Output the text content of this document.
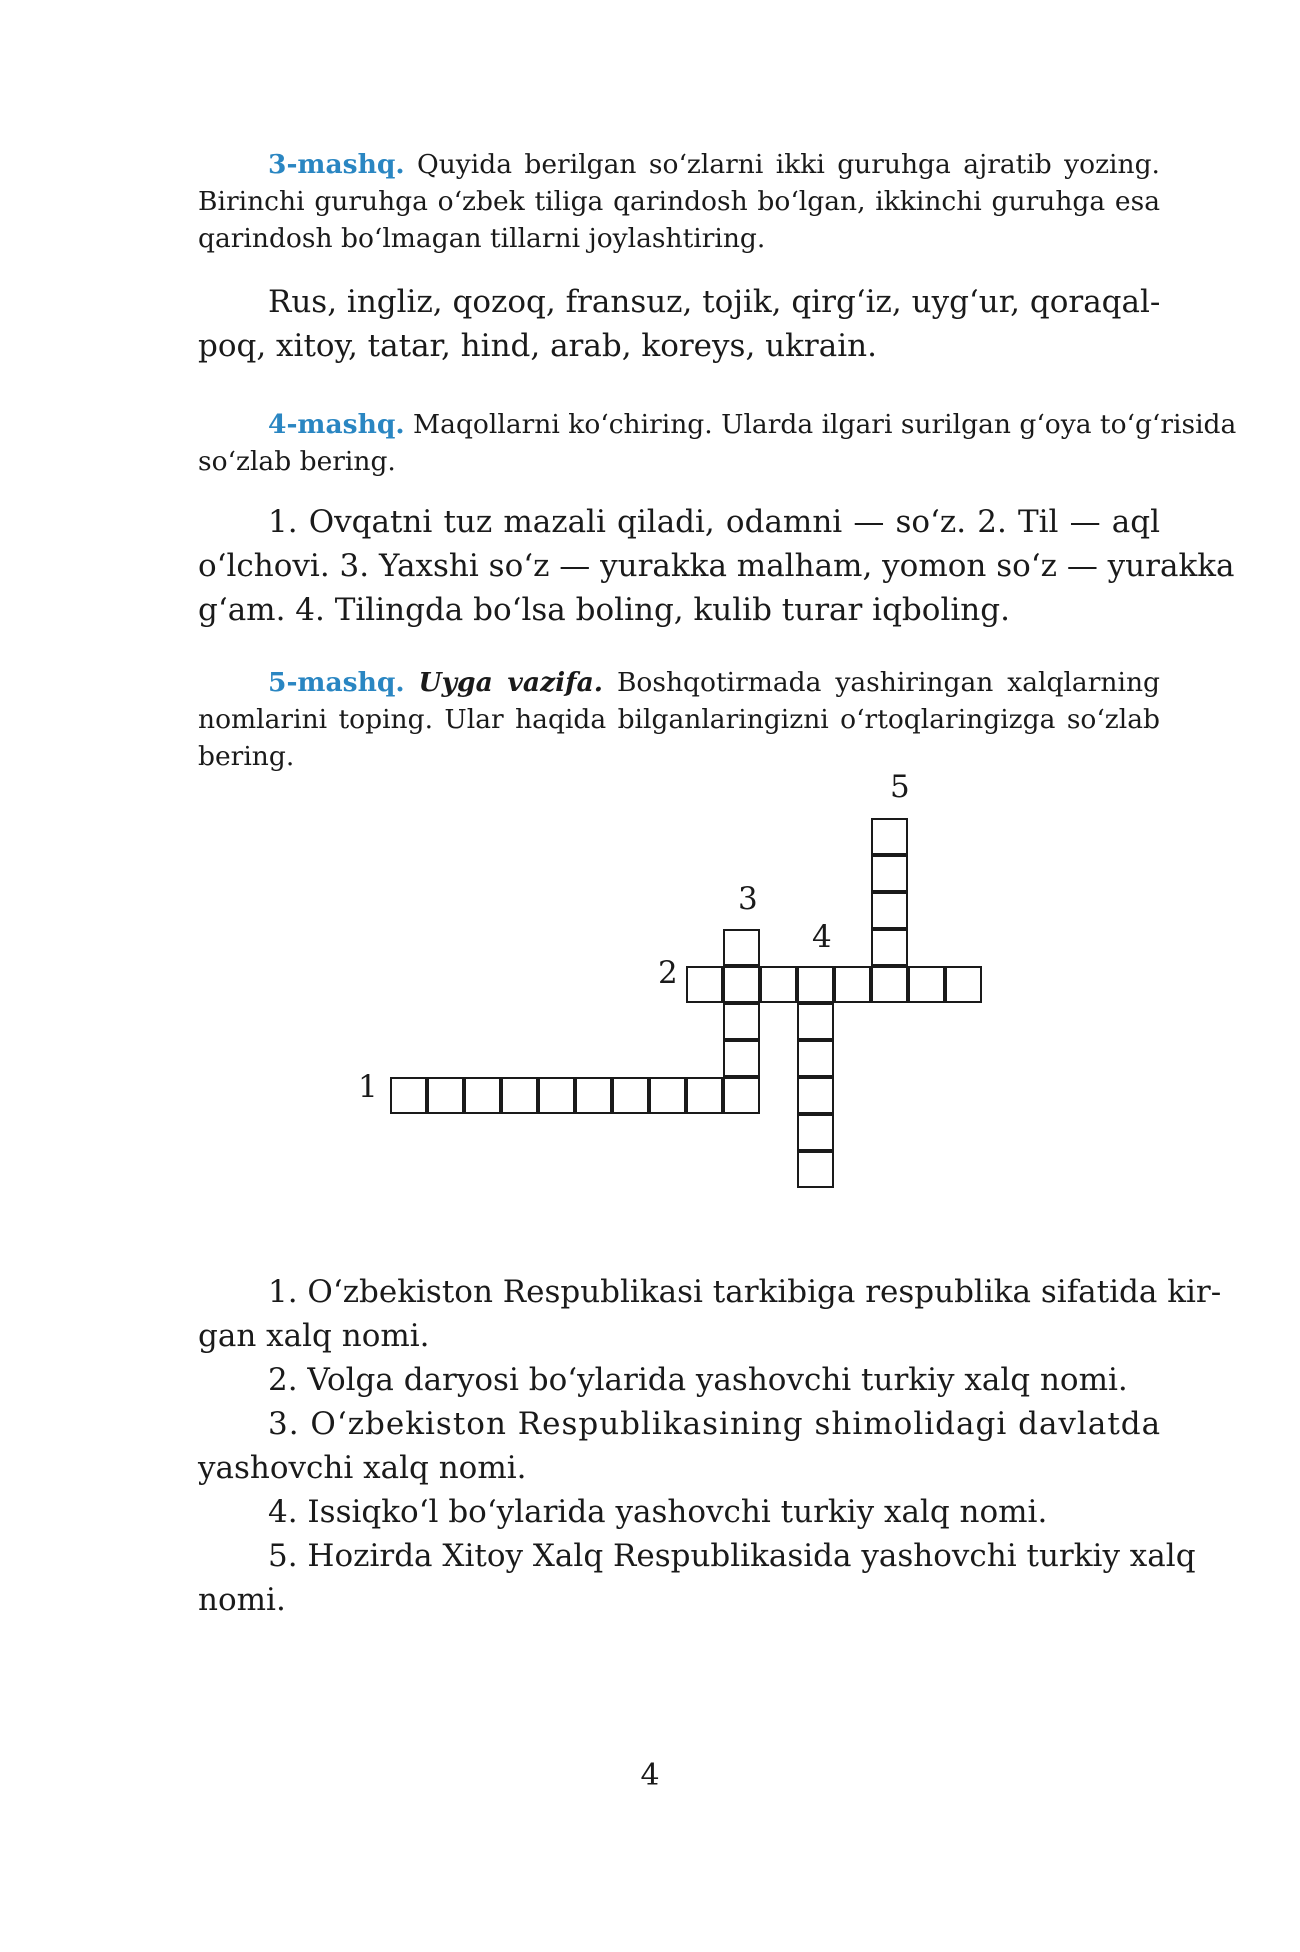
3-mashq. Quyida berilgan so‘zlarni ikki guruhga ajratib yozing.
Birinchi guruhga o‘zbek tiliga qarindosh bo‘lgan, ikkinchi guruhga esa
qarindosh bo‘lmagan tillarni joylashtiring.
Rus, ingliz, qozoq, fransuz, tojik, qirg‘iz, uyg‘ur, qoraqal-
poq, xitoy, tatar, hind, arab, koreys, ukrain.
4-mashq. Maqollarni ko‘chiring. Ularda ilgari surilgan g‘oya to‘g‘risida
so‘zlab bering.
1. Ovqatni tuz mazali qiladi, odamni — so‘z. 2. Til — aql
o‘lchovi. 3. Yaxshi so‘z — yurakka malham, yomon so‘z — yurakka
g‘am. 4. Tilingda bo‘lsa boling, kulib turar iqboling.
5-mashq. Uyga vazifa. Boshqotirmada yashiringan xalqlarning
nomlarini toping. Ular haqida bilganlaringizni o‘rtoqlaringizga so‘zlab
bering.
1
2
3
4
5
1. O‘zbekiston Respublikasi tarkibiga respublika sifatida kir-
gan xalq nomi.
2. Volga daryosi bo‘ylarida yashovchi turkiy xalq nomi.
3. O‘zbekiston Respublikasining shimolidagi davlatda
yashovchi xalq nomi.
4. Issiqko‘l bo‘ylarida yashovchi turkiy xalq nomi.
5. Hozirda Xitoy Xalq Respublikasida yashovchi turkiy xalq
nomi.
4
